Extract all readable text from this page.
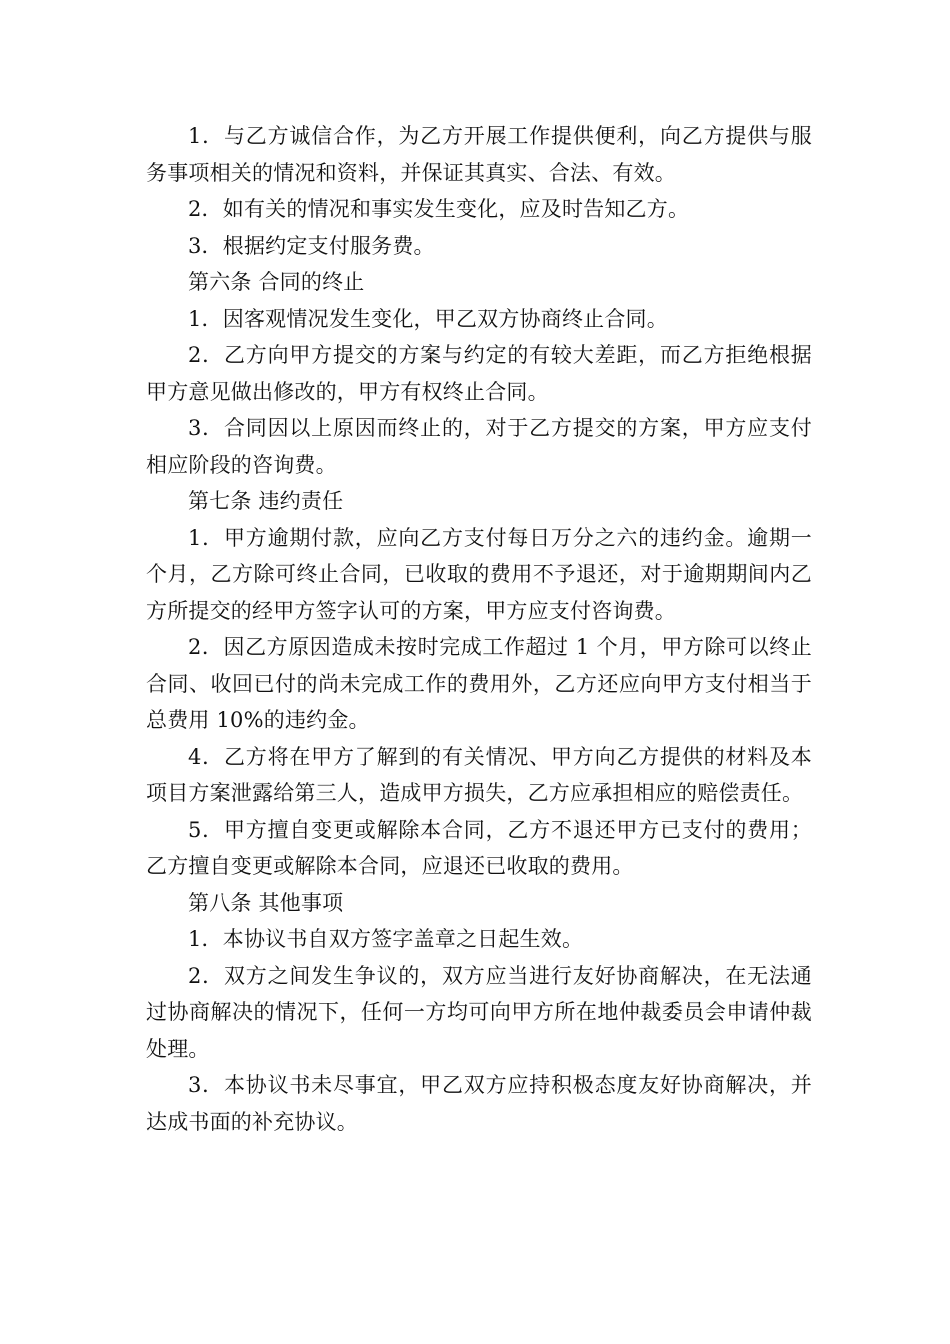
1．与乙方诚信合作，为乙方开展工作提供便利，向乙方提供与服务事项相关的情况和资料，并保证其真实、合法、有效。

2．如有关的情况和事实发生变化，应及时告知乙方。

3．根据约定支付服务费。

第六条 合同的终止

1．因客观情况发生变化，甲乙双方协商终止合同。

2．乙方向甲方提交的方案与约定的有较大差距，而乙方拒绝根据甲方意见做出修改的，甲方有权终止合同。

3．合同因以上原因而终止的，对于乙方提交的方案，甲方应支付相应阶段的咨询费。

第七条 违约责任

1．甲方逾期付款，应向乙方支付每日万分之六的违约金。逾期一个月，乙方除可终止合同，已收取的费用不予退还，对于逾期期间内乙方所提交的经甲方签字认可的方案，甲方应支付咨询费。

2．因乙方原因造成未按时完成工作超过 1 个月，甲方除可以终止合同、收回已付的尚未完成工作的费用外，乙方还应向甲方支付相当于总费用 10%的违约金。

4．乙方将在甲方了解到的有关情况、甲方向乙方提供的材料及本项目方案泄露给第三人，造成甲方损失，乙方应承担相应的赔偿责任。

5．甲方擅自变更或解除本合同，乙方不退还甲方已支付的费用；乙方擅自变更或解除本合同，应退还已收取的费用。

第八条 其他事项

1．本协议书自双方签字盖章之日起生效。

2．双方之间发生争议的，双方应当进行友好协商解决，在无法通过协商解决的情况下，任何一方均可向甲方所在地仲裁委员会申请仲裁处理。

3．本协议书未尽事宜，甲乙双方应持积极态度友好协商解决，并达成书面的补充协议。
